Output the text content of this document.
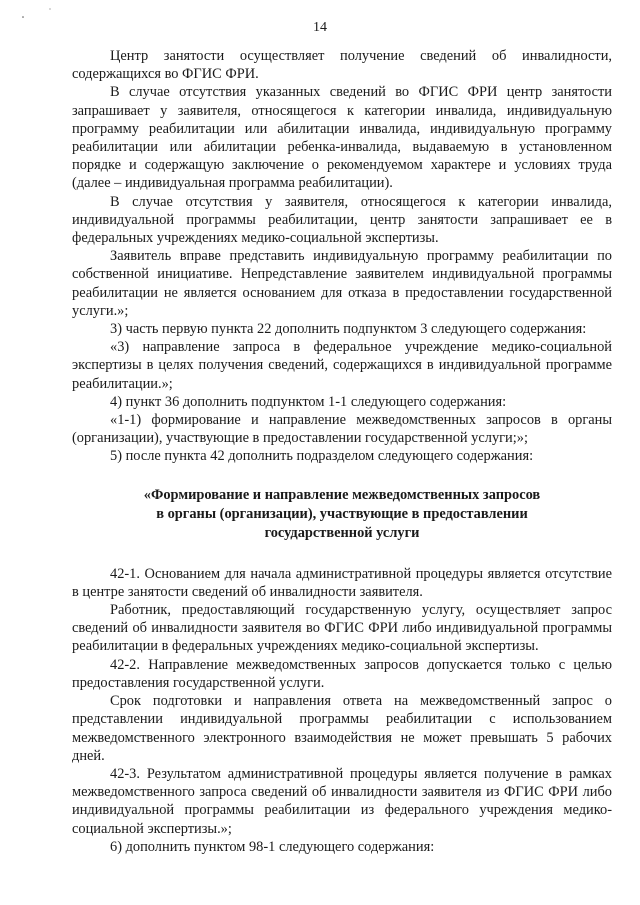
14

Центр занятости осуществляет получение сведений об инвалидности, содержащихся во ФГИС ФРИ.

В случае отсутствия указанных сведений во ФГИС ФРИ центр занятости запрашивает у заявителя, относящегося к категории инвалида, индивидуальную программу реабилитации или абилитации инвалида, индивидуальную программу реабилитации или абилитации ребенка-инвалида, выдаваемую в установленном порядке и содержащую заключение о рекомендуемом характере и условиях труда (далее – индивидуальная программа реабилитации).

В случае отсутствия у заявителя, относящегося к категории инвалида, индивидуальной программы реабилитации, центр занятости запрашивает ее в федеральных учреждениях медико-социальной экспертизы.

Заявитель вправе представить индивидуальную программу реабилитации по собственной инициативе. Непредставление заявителем индивидуальной программы реабилитации не является основанием для отказа в предоставлении государственной услуги.»;

3) часть первую пункта 22 дополнить подпунктом 3 следующего содержания:

«3) направление запроса в федеральное учреждение медико-социальной экспертизы в целях получения сведений, содержащихся в индивидуальной программе реабилитации.»;

4) пункт 36 дополнить подпунктом 1-1 следующего содержания:

«1-1) формирование и направление межведомственных запросов в органы (организации), участвующие в предоставлении государственной услуги;»;

5) после пункта 42 дополнить подразделом следующего содержания:

«Формирование и направление межведомственных запросов
в органы (организации), участвующие в предоставлении
государственной услуги

42-1. Основанием для начала административной процедуры является отсутствие в центре занятости сведений об инвалидности заявителя.

Работник, предоставляющий государственную услугу, осуществляет запрос сведений об инвалидности заявителя во ФГИС ФРИ либо индивидуальной программы реабилитации в федеральных учреждениях медико-социальной экспертизы.

42-2. Направление межведомственных запросов допускается только с целью предоставления государственной услуги.

Срок подготовки и направления ответа на межведомственный запрос о представлении индивидуальной программы реабилитации с использованием межведомственного электронного взаимодействия не может превышать 5 рабочих дней.

42-3. Результатом административной процедуры является получение в рамках межведомственного запроса сведений об инвалидности заявителя из ФГИС ФРИ либо индивидуальной программы реабилитации из федерального учреждения медико-социальной экспертизы.»;

6) дополнить пунктом 98-1 следующего содержания:
